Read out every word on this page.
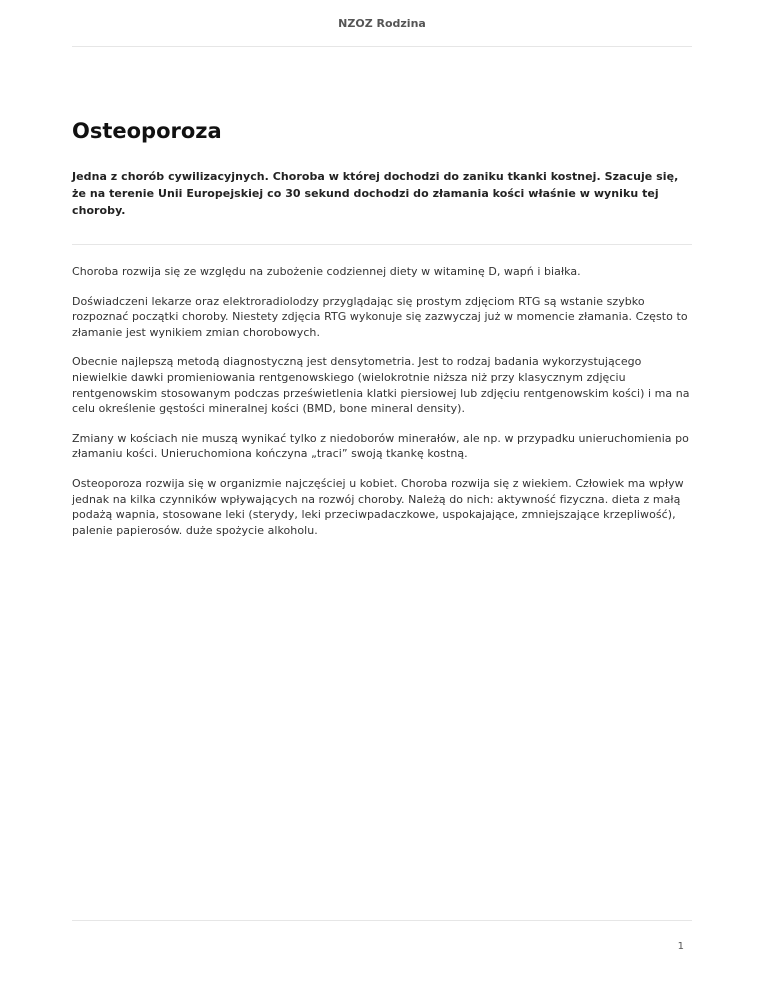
NZOZ Rodzina
Osteoporoza

Jedna z chorób cywilizacyjnych. Choroba w której dochodzi do zaniku tkanki kostnej. Szacuje się, że na terenie Unii Europejskiej co 30 sekund dochodzi do złamania kości właśnie w wyniku tej choroby.

Choroba rozwija się ze względu na zubożenie codziennej diety w witaminę D, wapń i białka.

Doświadczeni lekarze oraz elektroradiolodzy przyglądając się prostym zdjęciom RTG są wstanie szybko rozpoznać początki choroby. Niestety zdjęcia RTG wykonuje się zazwyczaj już w momencie złamania. Często to złamanie jest wynikiem zmian chorobowych.

Obecnie najlepszą metodą diagnostyczną jest densytometria. Jest to rodzaj badania wykorzystującego niewielkie dawki promieniowania rentgenowskiego (wielokrotnie niższa niż przy klasycznym zdjęciu rentgenowskim stosowanym podczas prześwietlenia klatki piersiowej lub zdjęciu rentgenowskim kości) i ma na celu określenie gęstości mineralnej kości (BMD, bone mineral density).

Zmiany w kościach nie muszą wynikać tylko z niedoborów minerałów, ale np. w przypadku unieruchomienia po złamaniu kości. Unieruchomiona kończyna „traci” swoją tkankę kostną.

Osteoporoza rozwija się w organizmie najczęściej u kobiet. Choroba rozwija się z wiekiem. Człowiek ma wpływ jednak na kilka czynników wpływających na rozwój choroby. Należą do nich: aktywność fizyczna. dieta z małą podażą wapnia, stosowane leki (sterydy, leki przeciwpadaczkowe, uspokajające, zmniejszające krzepliwość), palenie papierosów. duże spożycie alkoholu.

1
